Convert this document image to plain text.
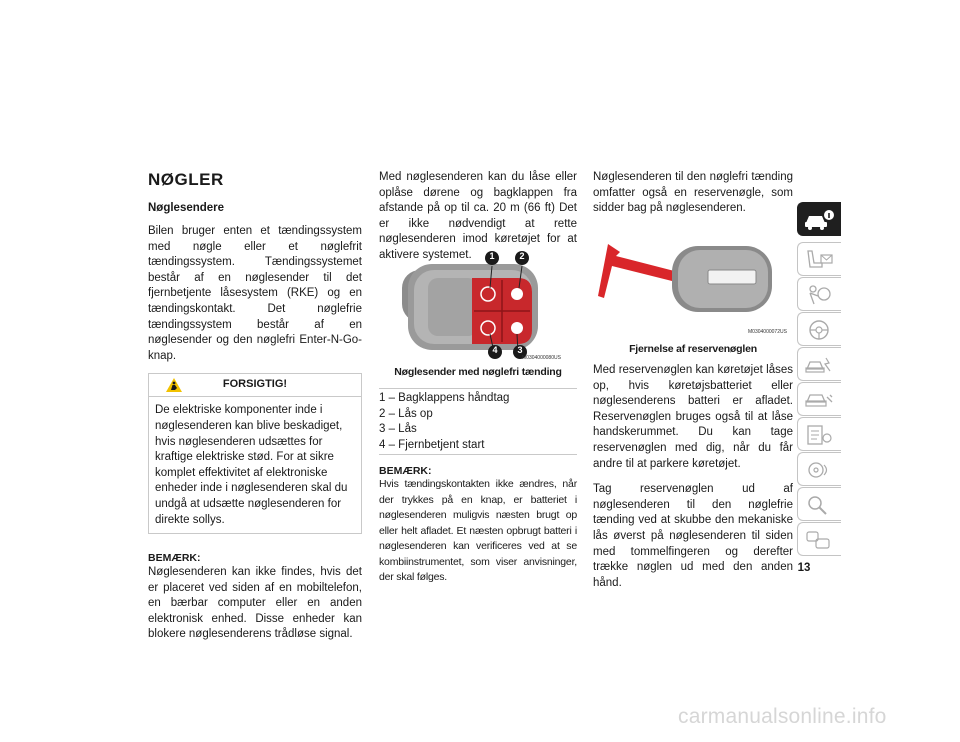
NØGLER
Nøglesendere

Bilen bruger enten et tændingssystem med nøgle eller et nøglefrit tændingssystem. Tændingssystemet består af en nøglesender til det fjernbetjente låsesystem (RKE) og en tændingskontakt. Det nøglefrie tændingssystem består af en nøglesender og den nøglefri Enter-N-Go-knap.

FORSIGTIG!

De elektriske komponenter inde i nøglesenderen kan blive beskadiget, hvis nøglesenderen udsættes for kraftige elektriske stød. For at sikre komplet effektivitet af elektroniske enheder inde i nøglesenderen skal du undgå at udsætte nøglesenderen for direkte sollys.

BEMÆRK:

Nøglesenderen kan ikke findes, hvis det er placeret ved siden af en mobiltelefon, en bærbar computer eller en anden elektronisk enhed. Disse enheder kan blokere nøglesenderens trådløse signal.

Med nøglesenderen kan du låse eller oplåse dørene og bagklappen fra afstande på op til ca. 20 m (66 ft) Det er ikke nødvendigt at rette nøglesenderen imod køretøjet for at aktivere systemet.	1	2
4	3
M0304000080US

Nøglesender med nøglefri tænding

1 – Bagklappens håndtag
2 – Lås op
3 – Lås
4 – Fjernbetjent start

BEMÆRK:

Hvis tændingskontakten ikke ændres, når der trykkes på en knap, er batteriet i nøglesenderen muligvis næsten brugt op eller helt afladet. Et næsten opbrugt batteri i nøglesenderen kan verificeres ved at se kombiinstrumentet, som viser anvisninger, der skal følges.

Nøglesenderen til den nøglefri tænding omfatter også en reservenøgle, som sidder bag på nøglesenderen.

M0304000072US

Fjernelse af reservenøglen

Med reservenøglen kan køretøjet låses op, hvis køretøjsbatteriet eller nøglesenderens batteri er afladet. Reservenøglen bruges også til at låse handskerummet. Du kan tage reservenøglen med dig, når du får andre til at parkere køretøjet.

Tag reservenøglen ud af nøglesenderen til den nøglefrie tænding ved at skubbe den mekaniske lås øverst på nøglesenderen til siden med tommelfingeren og derefter trække nøglen ud med den anden hånd.

13
carmanualsonline.info
